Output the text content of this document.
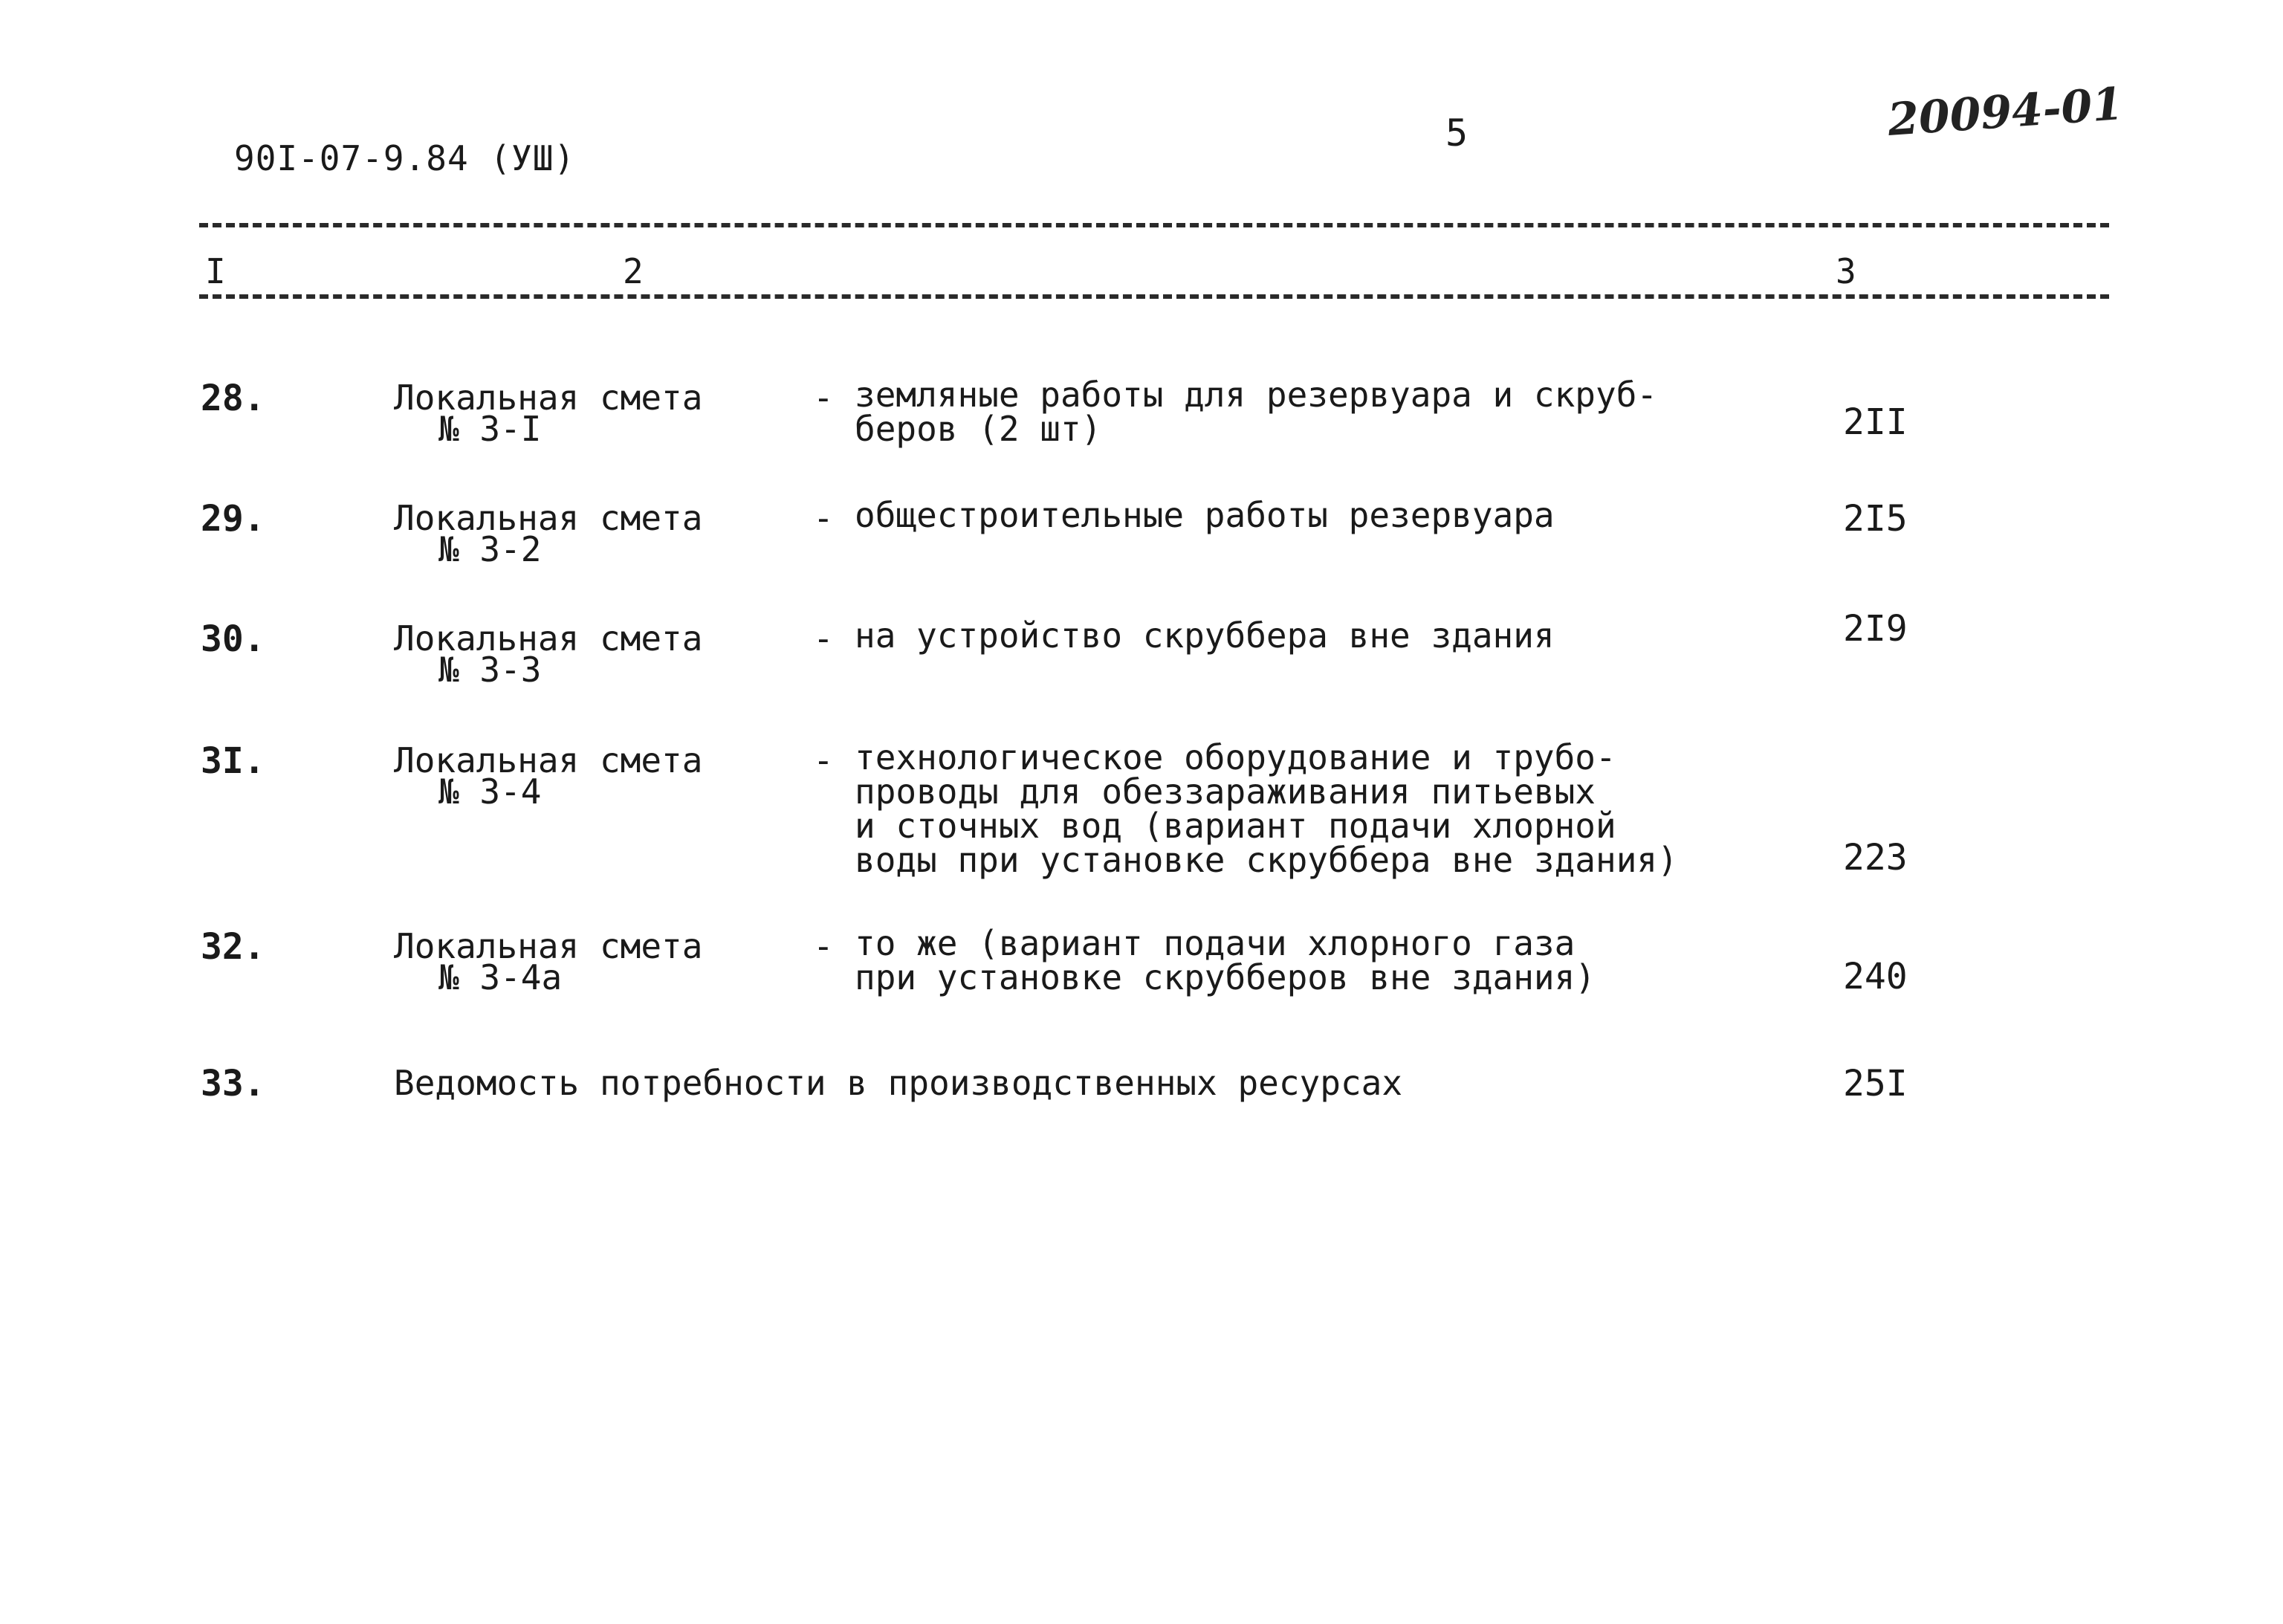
90I-07-9.84 (УШ)
5	20094-01
I	2	3
28.	Локальная смета
№ 3-I
- земляные работы для резервуара и скруб-
беров (2 шт)	2II
29.	Локальная смета
№ 3-2
- общестроительные работы резервуара	2I5
30.	Локальная смета
№ 3-3
- на устройство скруббера вне здания	2I9
3I.	Локальная смета
№ 3-4
- технологическое оборудование и трубо-
проводы для обеззараживания питьевых
и сточных вод (вариант подачи хлорной
воды при установке скруббера вне здания)	223
32.	Локальная смета
№ 3-4а
- то же (вариант подачи хлорного газа
при установке скрубберов вне здания)	240
33.	Ведомость потребности в производственных ресурсах	25I
